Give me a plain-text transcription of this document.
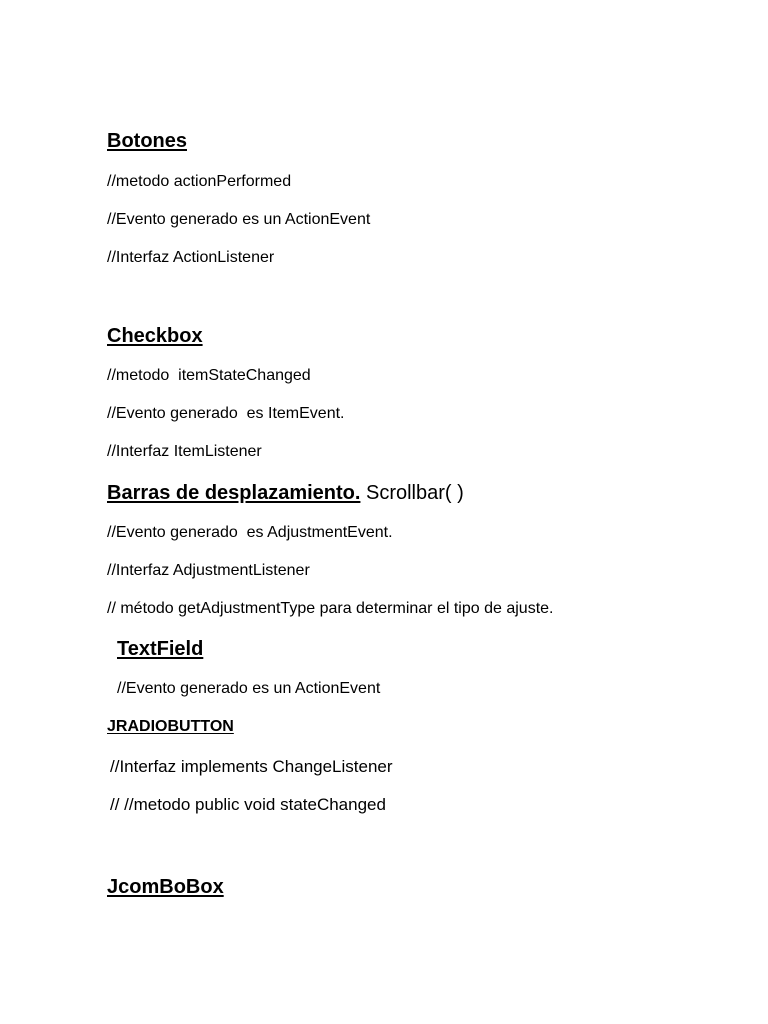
Botones
//metodo actionPerformed
//Evento generado es un ActionEvent
//Interfaz ActionListener
Checkbox
//metodo  itemStateChanged
//Evento generado  es ItemEvent.
//Interfaz ItemListener
Barras de desplazamiento. Scrollbar( )
//Evento generado  es AdjustmentEvent.
//Interfaz AdjustmentListener
// método getAdjustmentType para determinar el tipo de ajuste.
TextField
//Evento generado es un ActionEvent
JRADIOBUTTON
//Interfaz implements ChangeListener
// //metodo public void stateChanged
JcomBoBox
